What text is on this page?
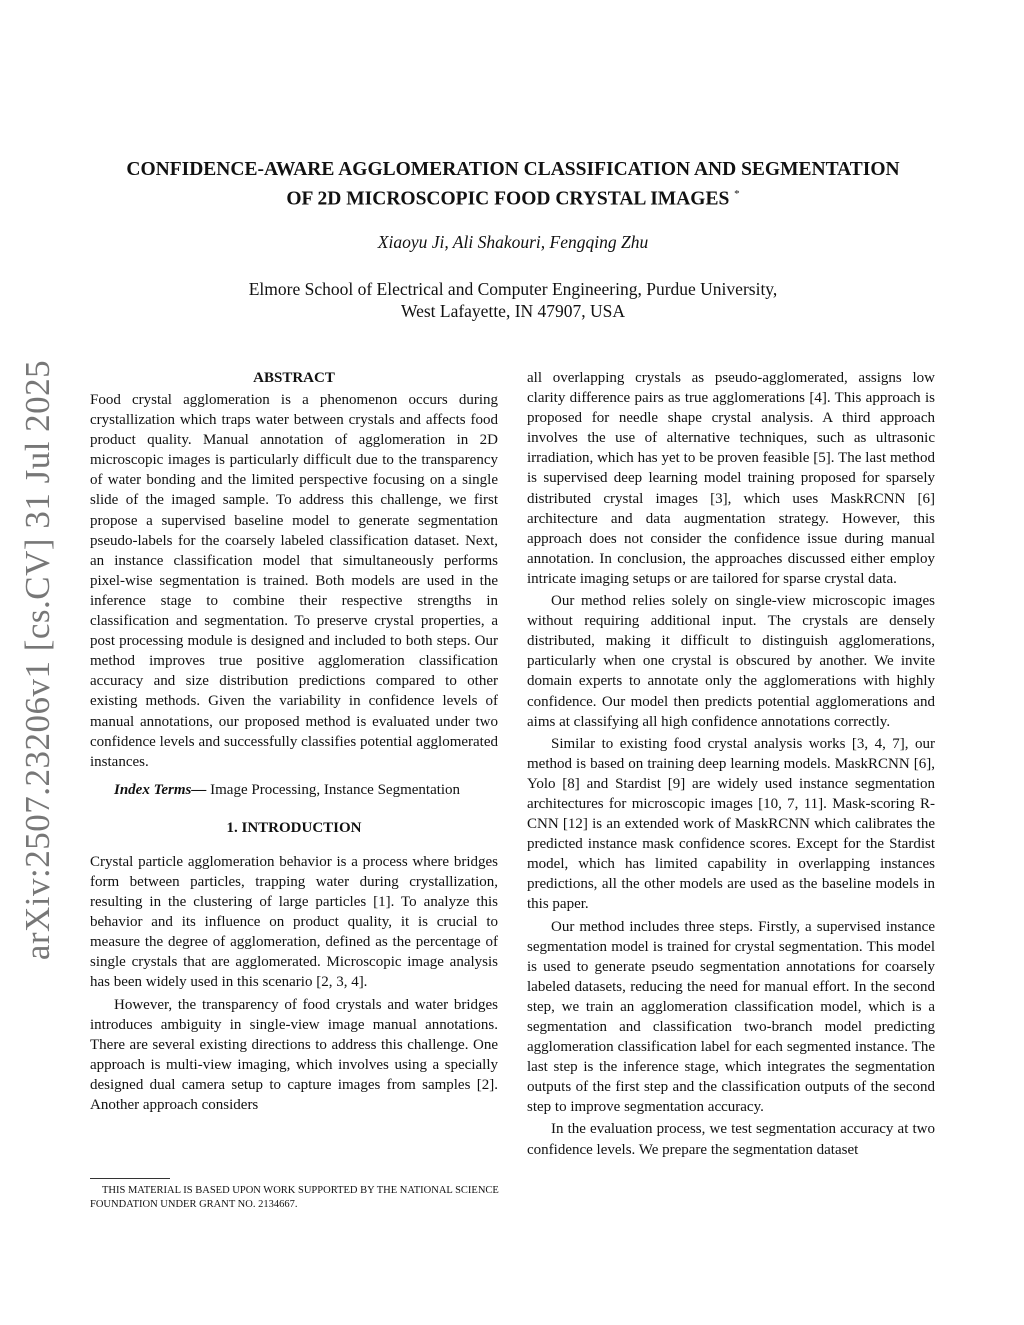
arXiv:2507.23206v1 [cs.CV] 31 Jul 2025
CONFIDENCE-AWARE AGGLOMERATION CLASSIFICATION AND SEGMENTATION
OF 2D MICROSCOPIC FOOD CRYSTAL IMAGES *
Xiaoyu Ji, Ali Shakouri, Fengqing Zhu
Elmore School of Electrical and Computer Engineering, Purdue University,
West Lafayette, IN 47907, USA
ABSTRACT

Food crystal agglomeration is a phenomenon occurs during crystallization which traps water between crystals and affects food product quality. Manual annotation of agglomeration in 2D microscopic images is particularly difficult due to the transparency of water bonding and the limited perspective focusing on a single slide of the imaged sample. To address this challenge, we first propose a supervised baseline model to generate segmentation pseudo-labels for the coarsely labeled classification dataset. Next, an instance classification model that simultaneously performs pixel-wise segmentation is trained. Both models are used in the inference stage to combine their respective strengths in classification and segmentation. To preserve crystal properties, a post processing module is designed and included to both steps. Our method improves true positive agglomeration classification accuracy and size distribution predictions compared to other existing methods. Given the variability in confidence levels of manual annotations, our proposed method is evaluated under two confidence levels and successfully classifies potential agglomerated instances.

Index Terms— Image Processing, Instance Segmentation

1. INTRODUCTION

Crystal particle agglomeration behavior is a process where bridges form between particles, trapping water during crystallization, resulting in the clustering of large particles [1]. To analyze this behavior and its influence on product quality, it is crucial to measure the degree of agglomeration, defined as the percentage of single crystals that are agglomerated. Microscopic image analysis has been widely used in this scenario [2, 3, 4].

However, the transparency of food crystals and water bridges introduces ambiguity in single-view image manual annotations. There are several existing directions to address this challenge. One approach is multi-view imaging, which involves using a specially designed dual camera setup to capture images from samples [2]. Another approach considers

all overlapping crystals as pseudo-agglomerated, assigns low clarity difference pairs as true agglomerations [4]. This approach is proposed for needle shape crystal analysis. A third approach involves the use of alternative techniques, such as ultrasonic irradiation, which has yet to be proven feasible [5]. The last method is supervised deep learning model training proposed for sparsely distributed crystal images [3], which uses MaskRCNN [6] architecture and data augmentation strategy. However, this approach does not consider the confidence issue during manual annotation. In conclusion, the approaches discussed either employ intricate imaging setups or are tailored for sparse crystal data.

Our method relies solely on single-view microscopic images without requiring additional input. The crystals are densely distributed, making it difficult to distinguish agglomerations, particularly when one crystal is obscured by another. We invite domain experts to annotate only the agglomerations with highly confidence. Our model then predicts potential agglomerations and aims at classifying all high confidence annotations correctly.

Similar to existing food crystal analysis works [3, 4, 7], our method is based on training deep learning models. MaskRCNN [6], Yolo [8] and Stardist [9] are widely used instance segmentation architectures for microscopic images [10, 7, 11]. Mask-scoring R-CNN [12] is an extended work of MaskRCNN which calibrates the predicted instance mask confidence scores. Except for the Stardist model, which has limited capability in overlapping instances predictions, all the other models are used as the baseline models in this paper.

Our method includes three steps. Firstly, a supervised instance segmentation model is trained for crystal segmentation. This model is used to generate pseudo segmentation annotations for coarsely labeled datasets, reducing the need for manual effort. In the second step, we train an agglomeration classification model, which is a segmentation and classification two-branch model predicting agglomeration classification label for each segmented instance. The last step is the inference stage, which integrates the segmentation outputs of the first step and the classification outputs of the second step to improve segmentation accuracy.

In the evaluation process, we test segmentation accuracy at two confidence levels. We prepare the segmentation dataset

THIS MATERIAL IS BASED UPON WORK SUPPORTED BY THE NATIONAL SCIENCE FOUNDATION UNDER GRANT NO. 2134667.
